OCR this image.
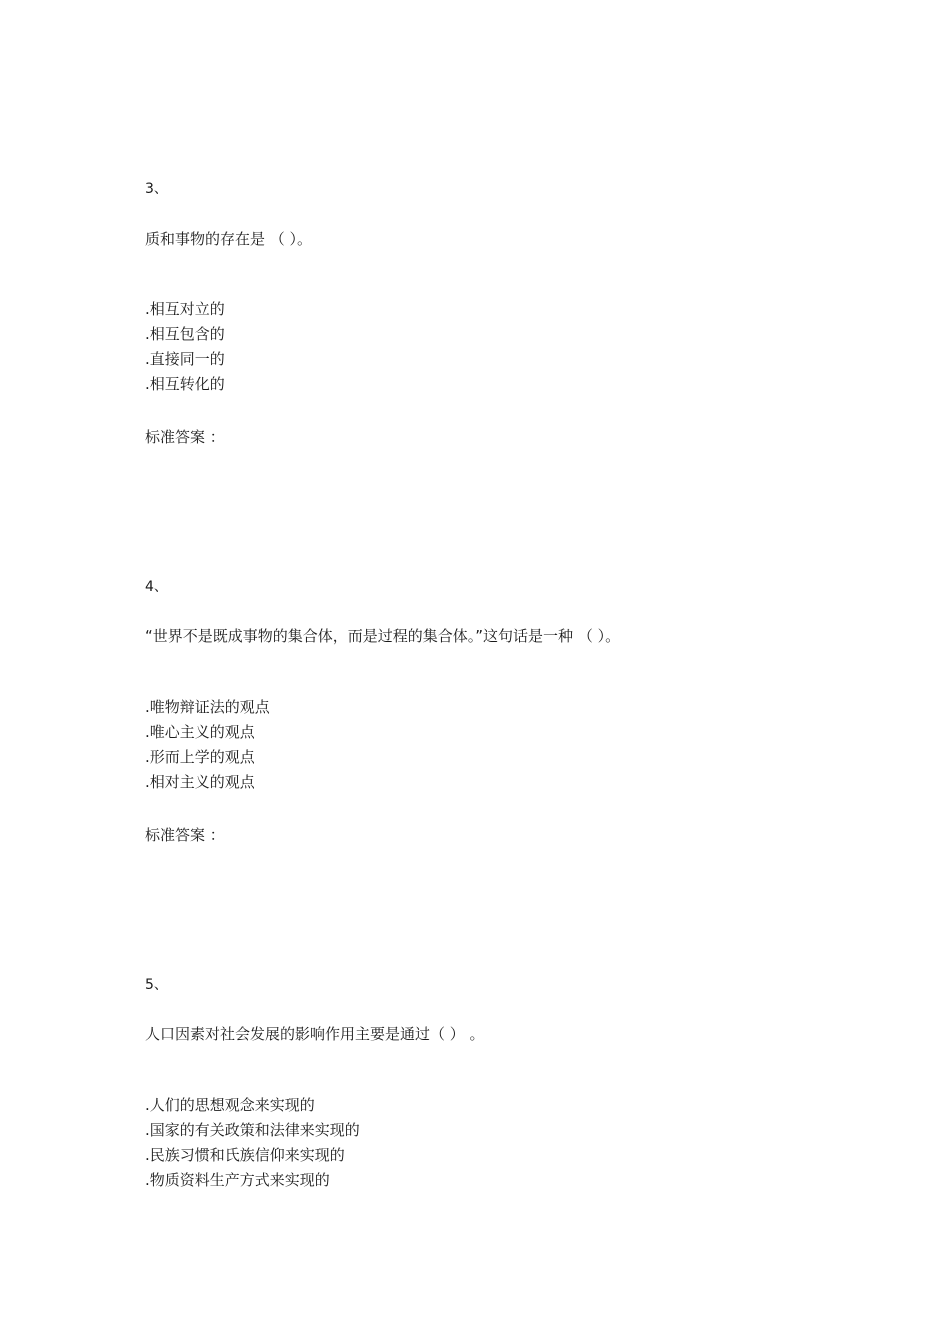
3、
质和事物的存在是 （ ）。
.相互对立的
.相互包含的
.直接同一的
.相互转化的
标准答案 ：
4、
“世界不是既成事物的集合体，而是过程的集合体。”这句话是一种 （ ）。
.唯物辩证法的观点
.唯心主义的观点
.形而上学的观点
.相对主义的观点
标准答案 ：
5、
人口因素对社会发展的影响作用主要是通过（ ） 。
.人们的思想观念来实现的
.国家的有关政策和法律来实现的
.民族习惯和氏族信仰来实现的
.物质资料生产方式来实现的
